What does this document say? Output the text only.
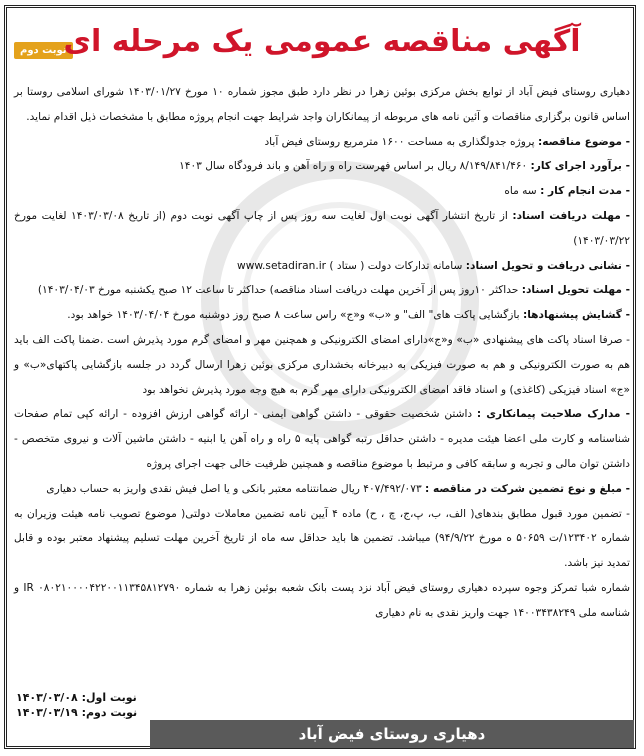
نوبت دوم
آگهی مناقصه عمومی یک مرحله ای

دهیاری روستای فیض آباد از توابع بخش مرکزی بوئین زهرا در نظر دارد طبق مجوز شماره ۱۰ مورخ ۱۴۰۳/۰۱/۲۷ شورای اسلامی روستا بر اساس قانون برگزاری مناقصات و آئین نامه های مربوطه از پیمانکاران واجد شرایط جهت انجام پروژه مطابق با مشخصات ذیل اقدام نماید.

- موضوع مناقصه: پروژه جدولگذاری به مساحت ۱۶۰۰ مترمربع روستای فیض آباد

- برآورد اجرای کار: ۸/۱۴۹/۸۴۱/۴۶۰ ریال بر اساس فهرست راه و راه آهن و باند فرودگاه سال ۱۴۰۳

- مدت انجام کار : سه ماه

- مهلت دریافت اسناد: از تاریخ انتشار آگهی نوبت اول لغایت سه روز پس از چاپ آگهی نوبت دوم (از تاریخ ۱۴۰۳/۰۳/۰۸ لغایت مورخ ۱۴۰۳/۰۳/۲۲)

- نشانی دریافت و تحویل اسناد: سامانه تدارکات دولت ( ستاد ) www.setadiran.ir

- مهلت تحویل اسناد: حداکثر ۱۰روز پس از آخرین مهلت دریافت اسناد مناقصه) حداکثر تا ساعت ۱۲ صبح یکشنبه مورخ ۱۴۰۳/۰۴/۰۳)

- گشایش پیشنهادها: بازگشایی پاکت های" الف" و «ب» و«ج» راس ساعت ۸ صبح روز دوشنبه مورخ ۱۴۰۳/۰۴/۰۴ خواهد بود.

- صرفا اسناد پاکت های پیشنهادی «ب» و«ج»دارای امضای الکترونیکی و همچنین مهر و امضای گرم مورد پذیرش است .ضمنا پاکت الف باید هم به صورت الکترونیکی و هم به صورت فیزیکی به دبیرخانه بخشداری مرکزی بوئین زهرا ارسال گردد در جلسه بازگشایی پاکتهای«ب» و «ج» اسناد فیزیکی (کاغذی) و اسناد فاقد امضای الکترونیکی دارای مهر گرم به هیچ وجه مورد پذیرش نخواهد بود

- مدارک صلاحیت پیمانکاری : داشتن شخصیت حقوقی - داشتن گواهی ایمنی - ارائه گواهی ارزش افزوده - ارائه کپی تمام صفحات شناسنامه و کارت ملی اعضا هیئت مدیره - داشتن حداقل رتبه گواهی پایه ۵ راه و راه آهن یا ابنیه - داشتن ماشین آلات و نیروی متخصص - داشتن توان مالی و تجربه و سابقه کافی و مرتبط با موضوع مناقصه و همچنین ظرفیت خالی جهت اجرای پروژه

- مبلغ و نوع تضمین شرکت در مناقصه : ۴۰۷/۴۹۲/۰۷۳ ریال ضمانتنامه معتبر بانکی و یا اصل فیش نقدی واریز به حساب دهیاری

- تضمین مورد قبول مطابق بندهای( الف، ب، پ،ج، چ ، ح) ماده ۴ آیین نامه تضمین معاملات دولتی( موضوع تصویب نامه هیئت وزیران به شماره ۱۲۳۴۰۲/ت ۵۰۶۵۹ ه مورخ ۹۴/۹/۲۲) میباشد. تضمین ها باید حداقل سه ماه از تاریخ آخرین مهلت تسلیم پیشنهاد معتبر بوده و قابل تمدید نیز باشد.

شماره شبا تمرکز وجوه سپرده دهیاری روستای فیض آباد نزد پست بانک شعبه بوئین زهرا به شماره IR ۰۸۰۲۱۰۰۰۰۴۲۲۰۰۱۱۳۴۵۸۱۲۷۹۰ و شناسه ملی ۱۴۰۰۳۴۳۸۲۴۹ جهت واریز نقدی به نام دهیاری

نوبت اول: ۱۴۰۳/۰۳/۰۸
نوبت دوم: ۱۴۰۳/۰۳/۱۹
دهیاری روستای فیض آباد
